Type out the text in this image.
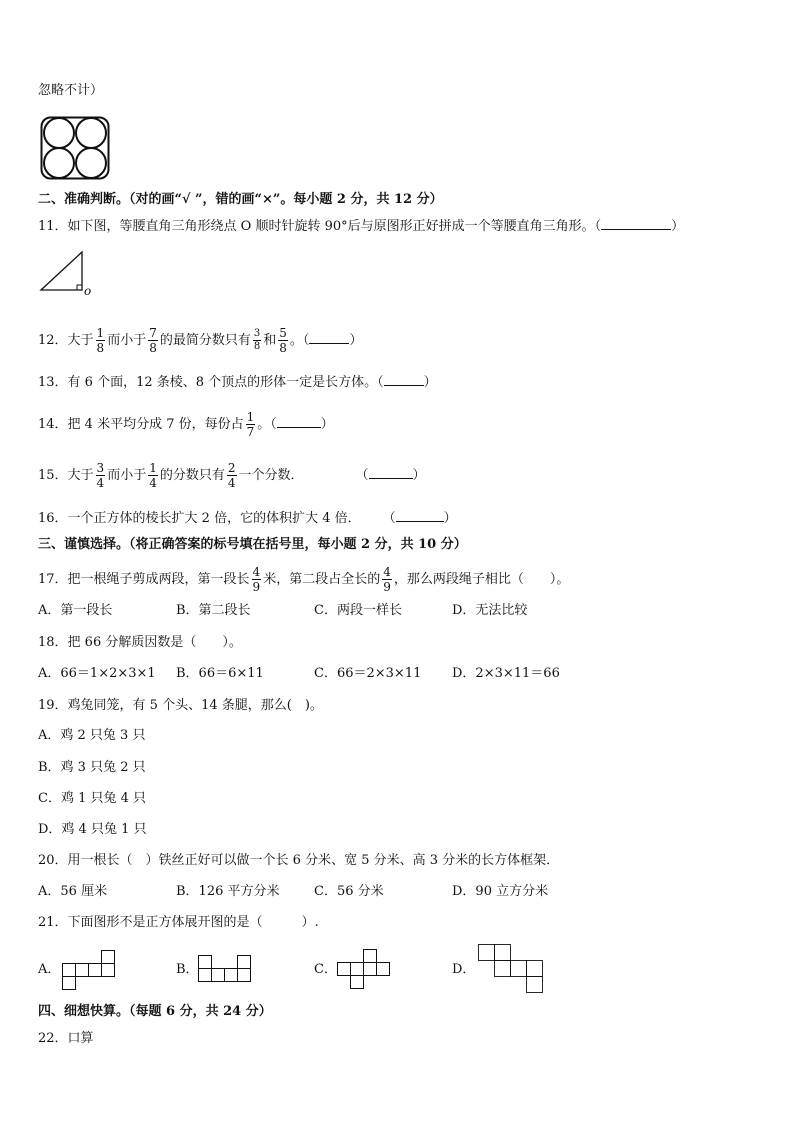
忽略不计）
二、准确判断。（对的画“√ ”，错的画“×”。每小题 2 分，共 12 分）
11．如下图，等腰直角三角形绕点 O 顺时针旋转 90°后与原图形正好拼成一个等腰直角三角形。（	）
o
12．大于 $\frac{1}{8}$ 而小于 $\frac{7}{8}$ 的最简分数只有 $\frac{3}{8}$ 和 $\frac{5}{8}$ 。（	）
13．有 6 个面，12 条棱、8 个顶点的形体一定是长方体。（	）
14．把 4 米平均分成 7 份，每份占 $\frac{1}{7}$ 。（	）
15．大于 $\frac{3}{4}$ 而小于 $\frac{1}{4}$ 的分数只有 $\frac{2}{4}$ 一个分数．	（	）
16．一个正方体的棱长扩大 2 倍，它的体积扩大 4 倍． （	）
三、谨慎选择。（将正确答案的标号填在括号里，每小题 2 分，共 10 分）
17．把一根绳子剪成两段，第一段长 $\frac{4}{9}$ 米，第二段占全长的 $\frac{4}{9}$ ，那么两段绳子相比（　　）。
A．第一段长	B．第二段长	C．两段一样长	D．无法比较
18．把 66 分解质因数是（　　）。
A．66＝1×2×3×1 B．66＝6×11	C．66＝2×3×11 D．2×3×11＝66
19．鸡兔同笼，有 5 个头、14 条腿，那么(　)。
A．鸡 2 只兔 3 只
B．鸡 3 只兔 2 只
C．鸡 1 只兔 4 只
D．鸡 4 只兔 1 只
20．用一根长（　）铁丝正好可以做一个长 6 分米、宽 5 分米、高 3 分米的长方体框架．
A．56 厘米	B．126 平方分米	C．56 分米	D．90 立方分米
21．下面图形不是正方体展开图的是（　　　）.
A．	B．	C．	D．
四、细想快算。（每题 6 分，共 24 分）
22．口算
